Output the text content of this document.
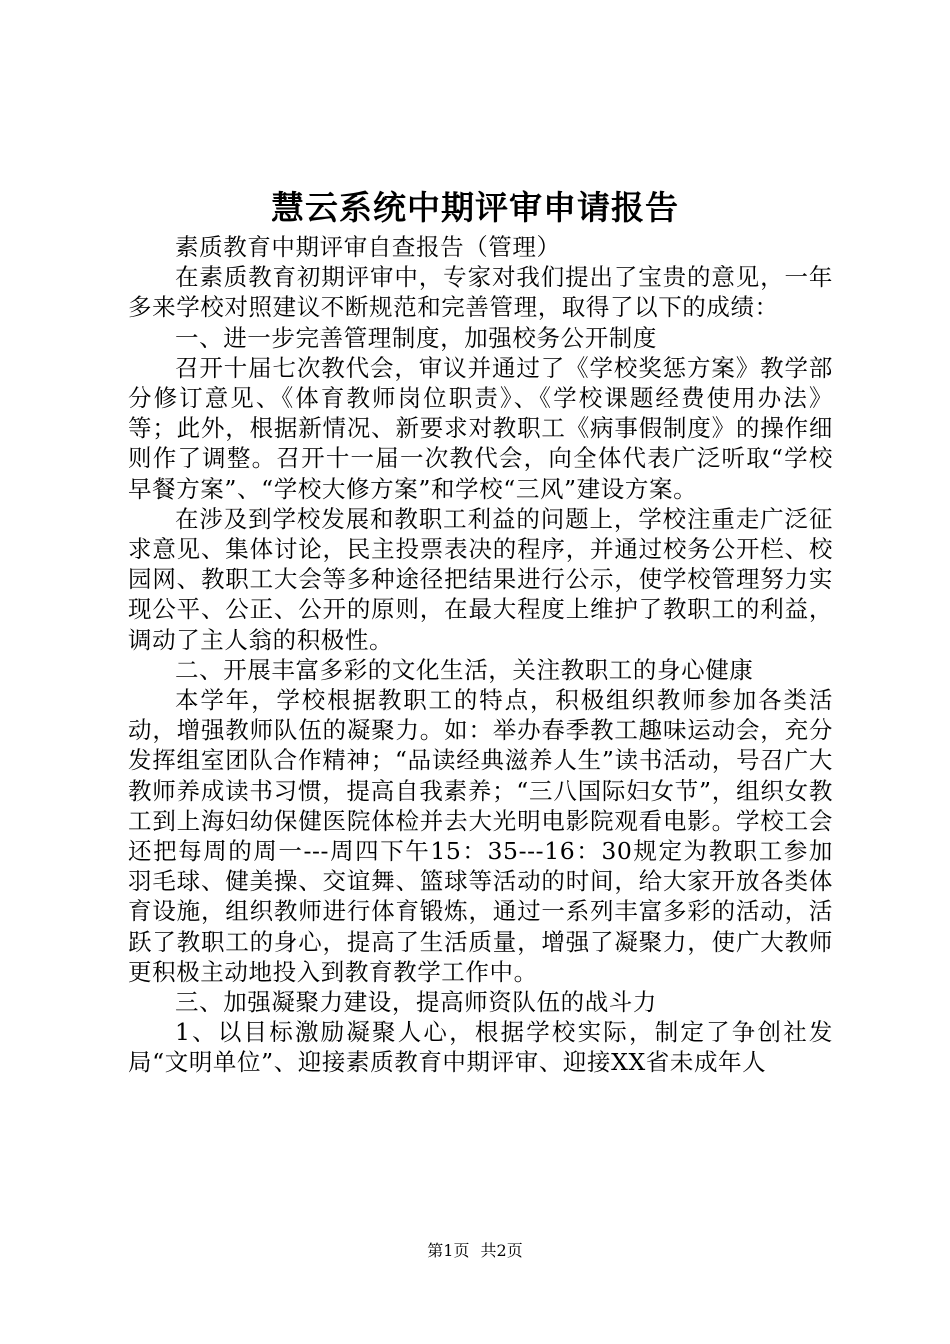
慧云系统中期评审申请报告

素质教育中期评审自查报告（管理）

在素质教育初期评审中，专家对我们提出了宝贵的意见，一年多来学校对照建议不断规范和完善管理，取得了以下的成绩：

一、进一步完善管理制度，加强校务公开制度

召开十届七次教代会，审议并通过了《学校奖惩方案》教学部分修订意见、《体育教师岗位职责》、《学校课题经费使用办法》等；此外，根据新情况、新要求对教职工《病事假制度》的操作细则作了调整。召开十一届一次教代会，向全体代表广泛听取“学校早餐方案”、“学校大修方案”和学校“三风”建设方案。

在涉及到学校发展和教职工利益的问题上，学校注重走广泛征求意见、集体讨论，民主投票表决的程序，并通过校务公开栏、校园网、教职工大会等多种途径把结果进行公示，使学校管理努力实现公平、公正、公开的原则，在最大程度上维护了教职工的利益，调动了主人翁的积极性。

二、开展丰富多彩的文化生活，关注教职工的身心健康

本学年，学校根据教职工的特点，积极组织教师参加各类活动，增强教师队伍的凝聚力。如：举办春季教工趣味运动会，充分发挥组室团队合作精神；“品读经典滋养人生”读书活动，号召广大教师养成读书习惯，提高自我素养；“三八国际妇女节”，组织女教工到上海妇幼保健医院体检并去大光明电影院观看电影。学校工会还把每周的周一---周四下午15：35---16：30规定为教职工参加羽毛球、健美操、交谊舞、篮球等活动的时间，给大家开放各类体育设施，组织教师进行体育锻炼，通过一系列丰富多彩的活动，活跃了教职工的身心，提高了生活质量，增强了凝聚力，使广大教师更积极主动地投入到教育教学工作中。

三、加强凝聚力建设，提高师资队伍的战斗力

1、以目标激励凝聚人心，根据学校实际，制定了争创社发局“文明单位”、迎接素质教育中期评审、迎接XX省未成年人

第1页 共2页
